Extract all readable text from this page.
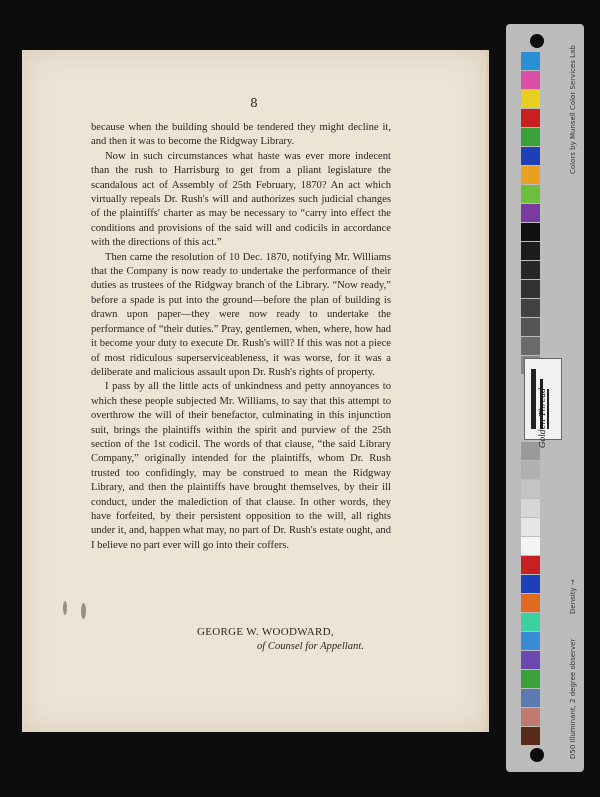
8

because when the building should be tendered they might decline it, and then it was to become the Ridgway Library.

Now in such circumstances what haste was ever more indecent than the rush to Harrisburg to get from a pliant legislature the scandalous act of Assembly of 25th February, 1870? An act which virtually repeals Dr. Rush's will and authorizes such judicial changes of the plaintiffs' charter as may be necessary to “carry into effect the conditions and provisions of the said will and codicils in accordance with the directions of this act.”

Then came the resolution of 10 Dec. 1870, notifying Mr. Williams that the Company is now ready to undertake the performance of their duties as trustees of the Ridgway branch of the Library. “Now ready,” before a spade is put into the ground—before the plan of building is drawn upon paper—they were now ready to undertake the performance of “their duties.” Pray, gentlemen, when, where, how had it become your duty to execute Dr. Rush's will? If this was not a piece of most ridiculous superserviceableness, it was worse, for it was a deliberate and malicious assault upon Dr. Rush's rights of property.

I pass by all the little acts of unkindness and petty annoyances to which these people subjected Mr. Williams, to say that this attempt to overthrow the will of their benefactor, culminating in this injunction suit, brings the plaintiffs within the spirit and purview of the 25th section of the 1st codicil. The words of that clause, “the said Library Company,” originally intended for the plaintiffs, whom Dr. Rush trusted too confidingly, may be construed to mean the Ridgway Library, and then the plaintiffs have brought themselves, by their ill conduct, under the malediction of that clause. In other words, they have forfeited, by their persistent opposition to the will, all rights under it, and, happen what may, no part of Dr. Rush's estate ought, and I believe no part ever will go into their coffers.

GEORGE W. WOODWARD,
of Counsel for Appellant.
Colors by Munsell Color Services Lab
D50 Illuminant, 2 degree observer
Density →
Golden Thread
